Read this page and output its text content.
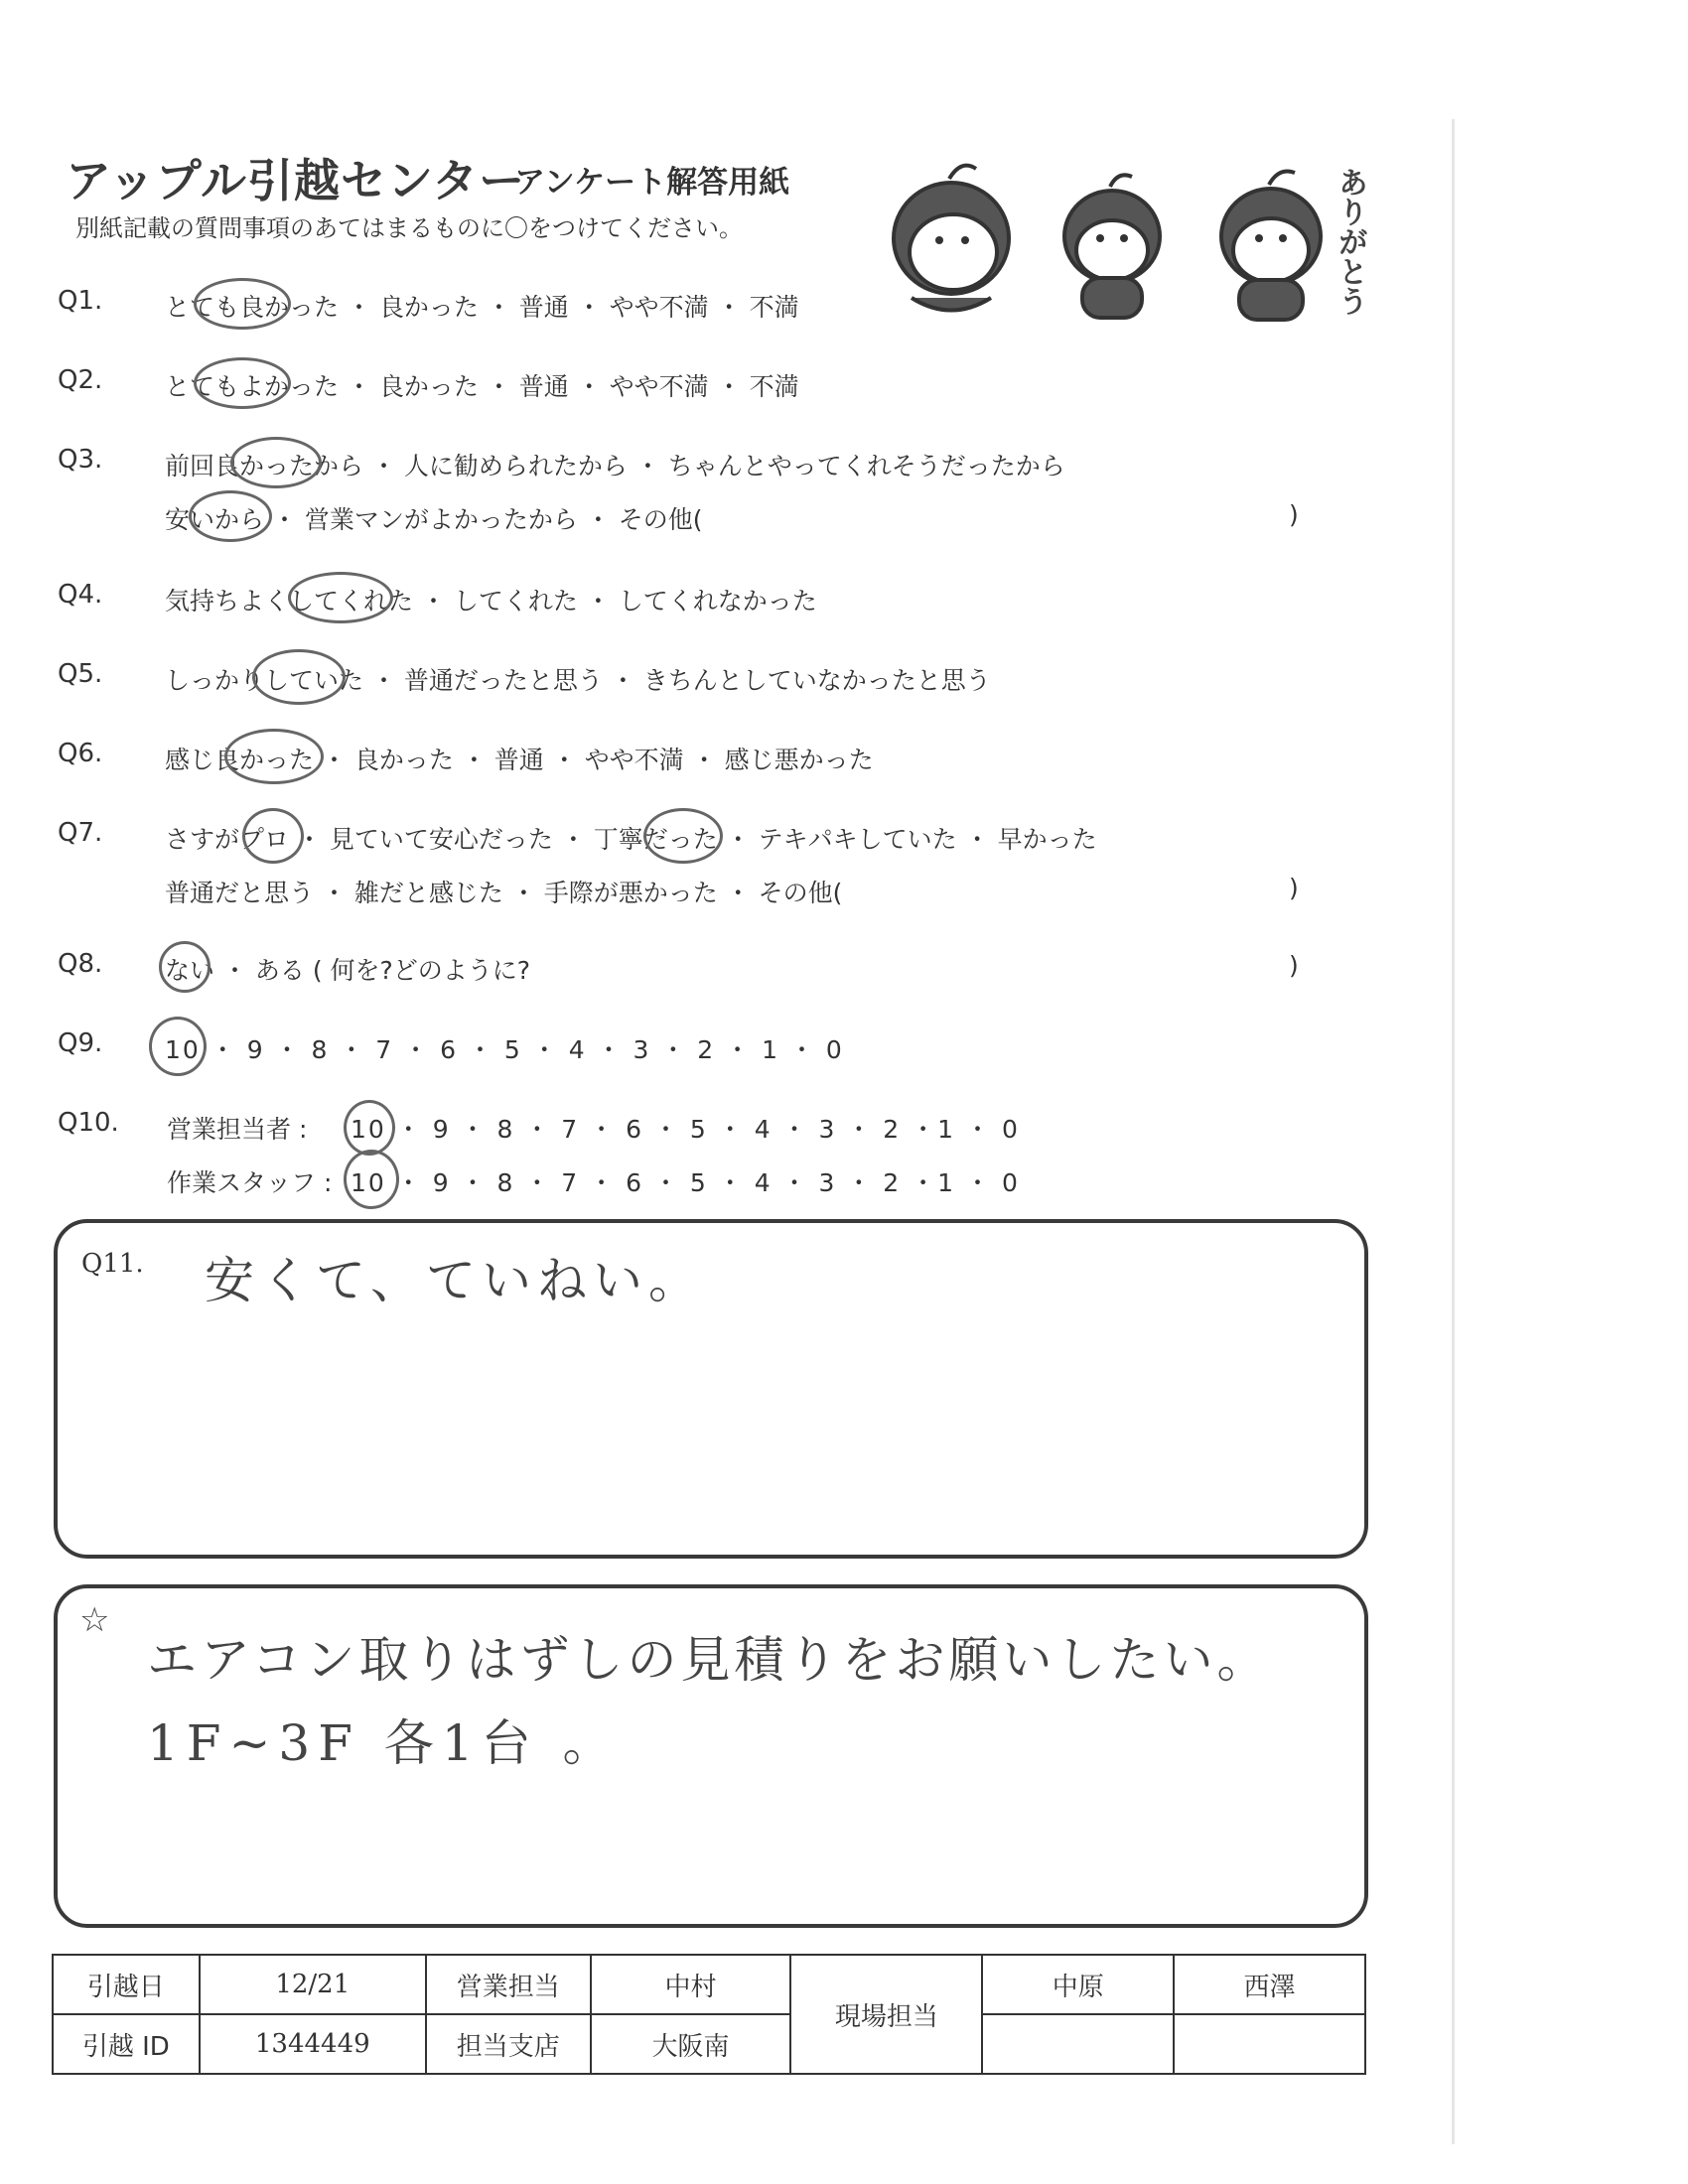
アップル引越センター
アンケート解答用紙
別紙記載の質問事項のあてはまるものに〇をつけてください。	ありがとう
Q1.	とても良かった ・ 良かった ・ 普通 ・ やや不満 ・ 不満
Q2.	とてもよかった ・ 良かった ・ 普通 ・ やや不満 ・ 不満
Q3.	前回良かったから ・ 人に勧められたから ・ ちゃんとやってくれそうだったから
安いから ・ 営業マンがよかったから ・ その他(	)
Q4.	気持ちよくしてくれた ・ してくれた ・ してくれなかった
Q5.	しっかりしていた ・ 普通だったと思う ・ きちんとしていなかったと思う
Q6.	感じ良かった ・ 良かった ・ 普通 ・ やや不満 ・ 感じ悪かった
Q7.	さすがプロ ・ 見ていて安心だった ・ 丁寧だった ・ テキパキしていた ・ 早かった
普通だと思う ・ 雑だと感じた ・ 手際が悪かった ・ その他(	)
Q8.	ない ・ ある ( 何を?どのように?	)
Q9.	10 ・ 9 ・ 8 ・ 7 ・ 6 ・ 5 ・ 4 ・ 3 ・ 2 ・ 1 ・ 0
Q10. 営業担当者 : 10 ・ 9 ・ 8 ・ 7 ・ 6 ・ 5 ・ 4 ・ 3 ・ 2 ・1 ・ 0
作業スタッフ : 10 ・ 9 ・ 8 ・ 7 ・ 6 ・ 5 ・ 4 ・ 3 ・ 2 ・1 ・ 0
Q11. 安くて、ていねい。
☆
エアコン取りはずしの見積りをお願いしたい。
1F~3F 各1台 。
引越日	12/21	営業担当	中村	現場担当	中原	西澤
引越 ID	1344449	担当支店	大阪南			
